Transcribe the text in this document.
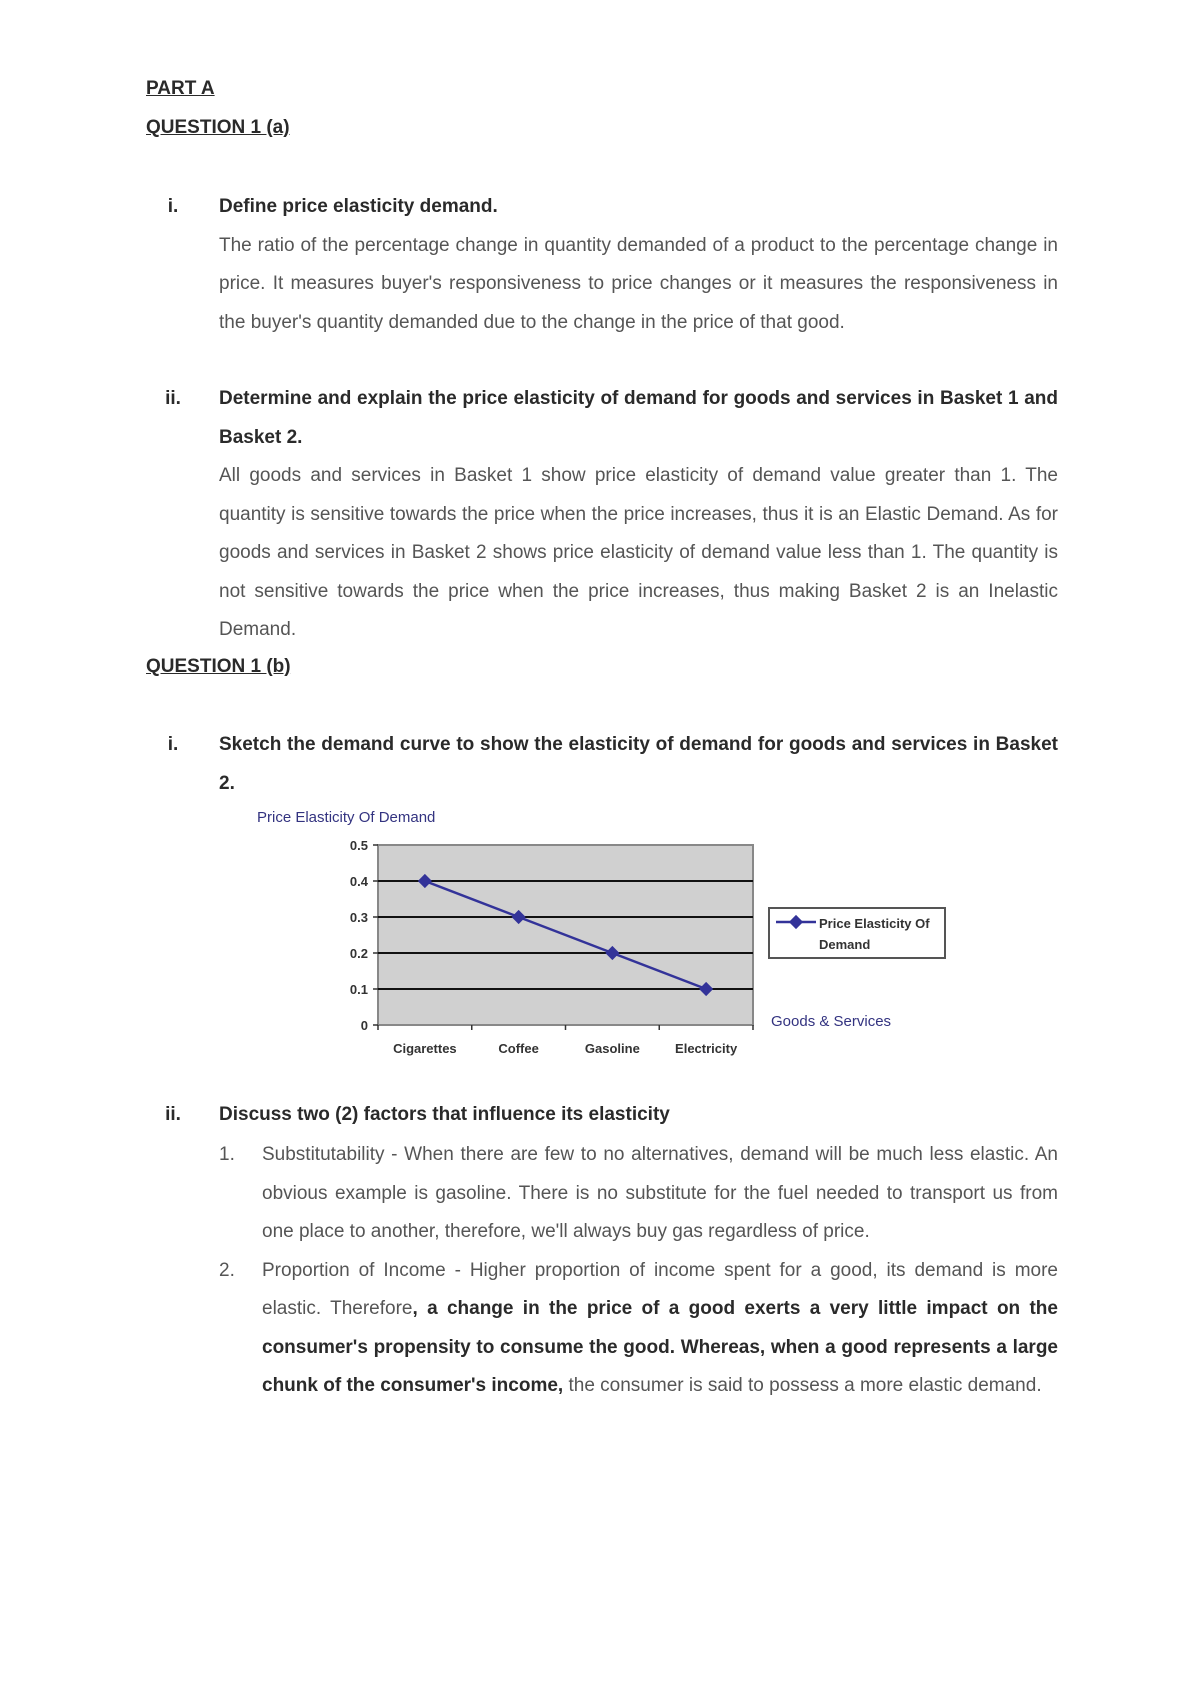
PART A
QUESTION 1 (a)
i.	Define price elasticity demand.

The ratio of the percentage change in quantity demanded of a product to the percentage change in price. It measures buyer's responsiveness to price changes or it measures the responsiveness in the buyer's quantity demanded due to the change in the price of that good.

ii.	Determine and explain the price elasticity of demand for goods and services in Basket 1 and Basket 2.

All goods and services in Basket 1 show price elasticity of demand value greater than 1. The quantity is sensitive towards the price when the price increases, thus it is an Elastic Demand. As for goods and services in Basket 2 shows price elasticity of demand value less than 1. The quantity is not sensitive towards the price when the price increases, thus making Basket 2 is an Inelastic Demand.

QUESTION 1 (b)
i.	Sketch the demand curve to show the elasticity of demand for goods and services in Basket 2.

Price Elasticity Of Demand
0
0.1
0.2
0.3
0.4
0.5
Cigarettes	Coffee	Gasoline	Electricity
Price Elasticity Of
Demand
Goods & Services
ii.	Discuss two (2) factors that influence its elasticity

1. Substitutability - When there are few to no alternatives, demand will be much less elastic. An obvious example is gasoline. There is no substitute for the fuel needed to transport us from one place to another, therefore, we'll always buy gas regardless of price.

2. Proportion of Income - Higher proportion of income spent for a good, its demand is more elastic. Therefore, a change in the price of a good exerts a very little impact on the consumer's propensity to consume the good. Whereas, when a good represents a large chunk of the consumer's income, the consumer is said to possess a more elastic demand.
